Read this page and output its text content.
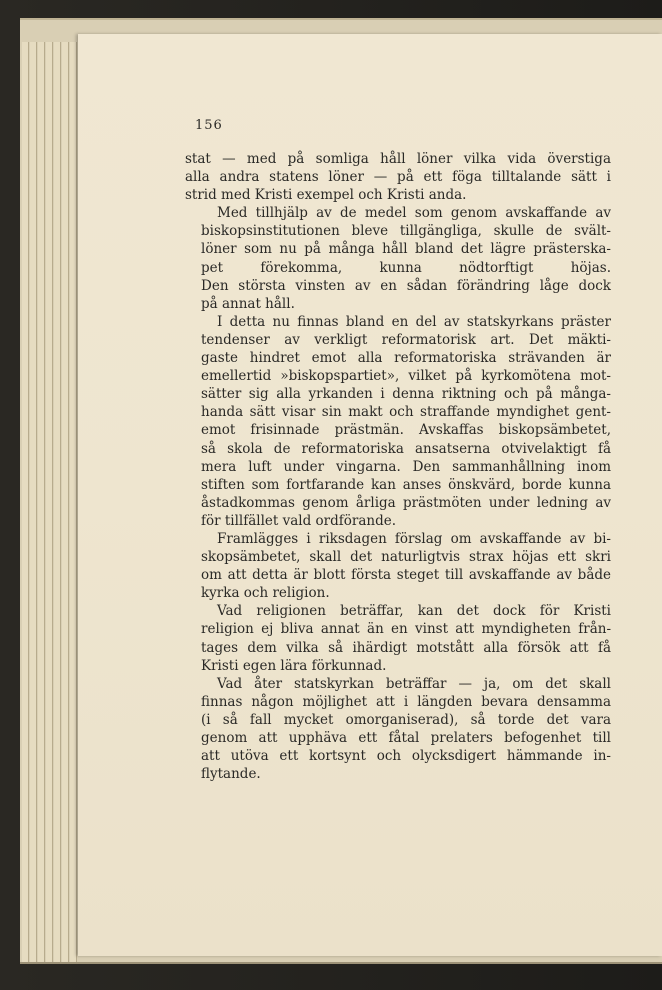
156

stat — med på somliga håll löner vilka vida överstiga
alla andra statens löner — på ett föga tilltalande sätt i
strid med Kristi exempel och Kristi anda.

Med tillhjälp av de medel som genom avskaffande av
biskopsinstitutionen bleve tillgängliga, skulle de svält-
löner som nu på många håll bland det lägre prästerska-
pet förekomma, kunna nödtorftigt höjas.
Den största vinsten av en sådan förändring låge dock
på annat håll.

I detta nu finnas bland en del av statskyrkans präster
tendenser av verkligt reformatorisk art. Det mäkti-
gaste hindret emot alla reformatoriska strävanden är
emellertid »biskopspartiet», vilket på kyrkomötena mot-
sätter sig alla yrkanden i denna riktning och på många-
handa sätt visar sin makt och straffande myndighet gent-
emot frisinnade prästmän. Avskaffas biskopsämbetet,
så skola de reformatoriska ansatserna otvivelaktigt få
mera luft under vingarna. Den sammanhållning inom
stiften som fortfarande kan anses önskvärd, borde kunna
åstadkommas genom årliga prästmöten under ledning av
för tillfället vald ordförande.

Framlägges i riksdagen förslag om avskaffande av bi-
skopsämbetet, skall det naturligtvis strax höjas ett skri
om att detta är blott första steget till avskaffande av både
kyrka och religion.

Vad religionen beträffar, kan det dock för Kristi
religion ej bliva annat än en vinst att myndigheten från-
tages dem vilka så ihärdigt motstått alla försök att få
Kristi egen lära förkunnad.

Vad åter statskyrkan beträffar — ja, om det skall
finnas någon möjlighet att i längden bevara densamma
(i så fall mycket omorganiserad), så torde det vara
genom att upphäva ett fåtal prelaters befogenhet till
att utöva ett kortsynt och olycksdigert hämmande in-
flytande.
